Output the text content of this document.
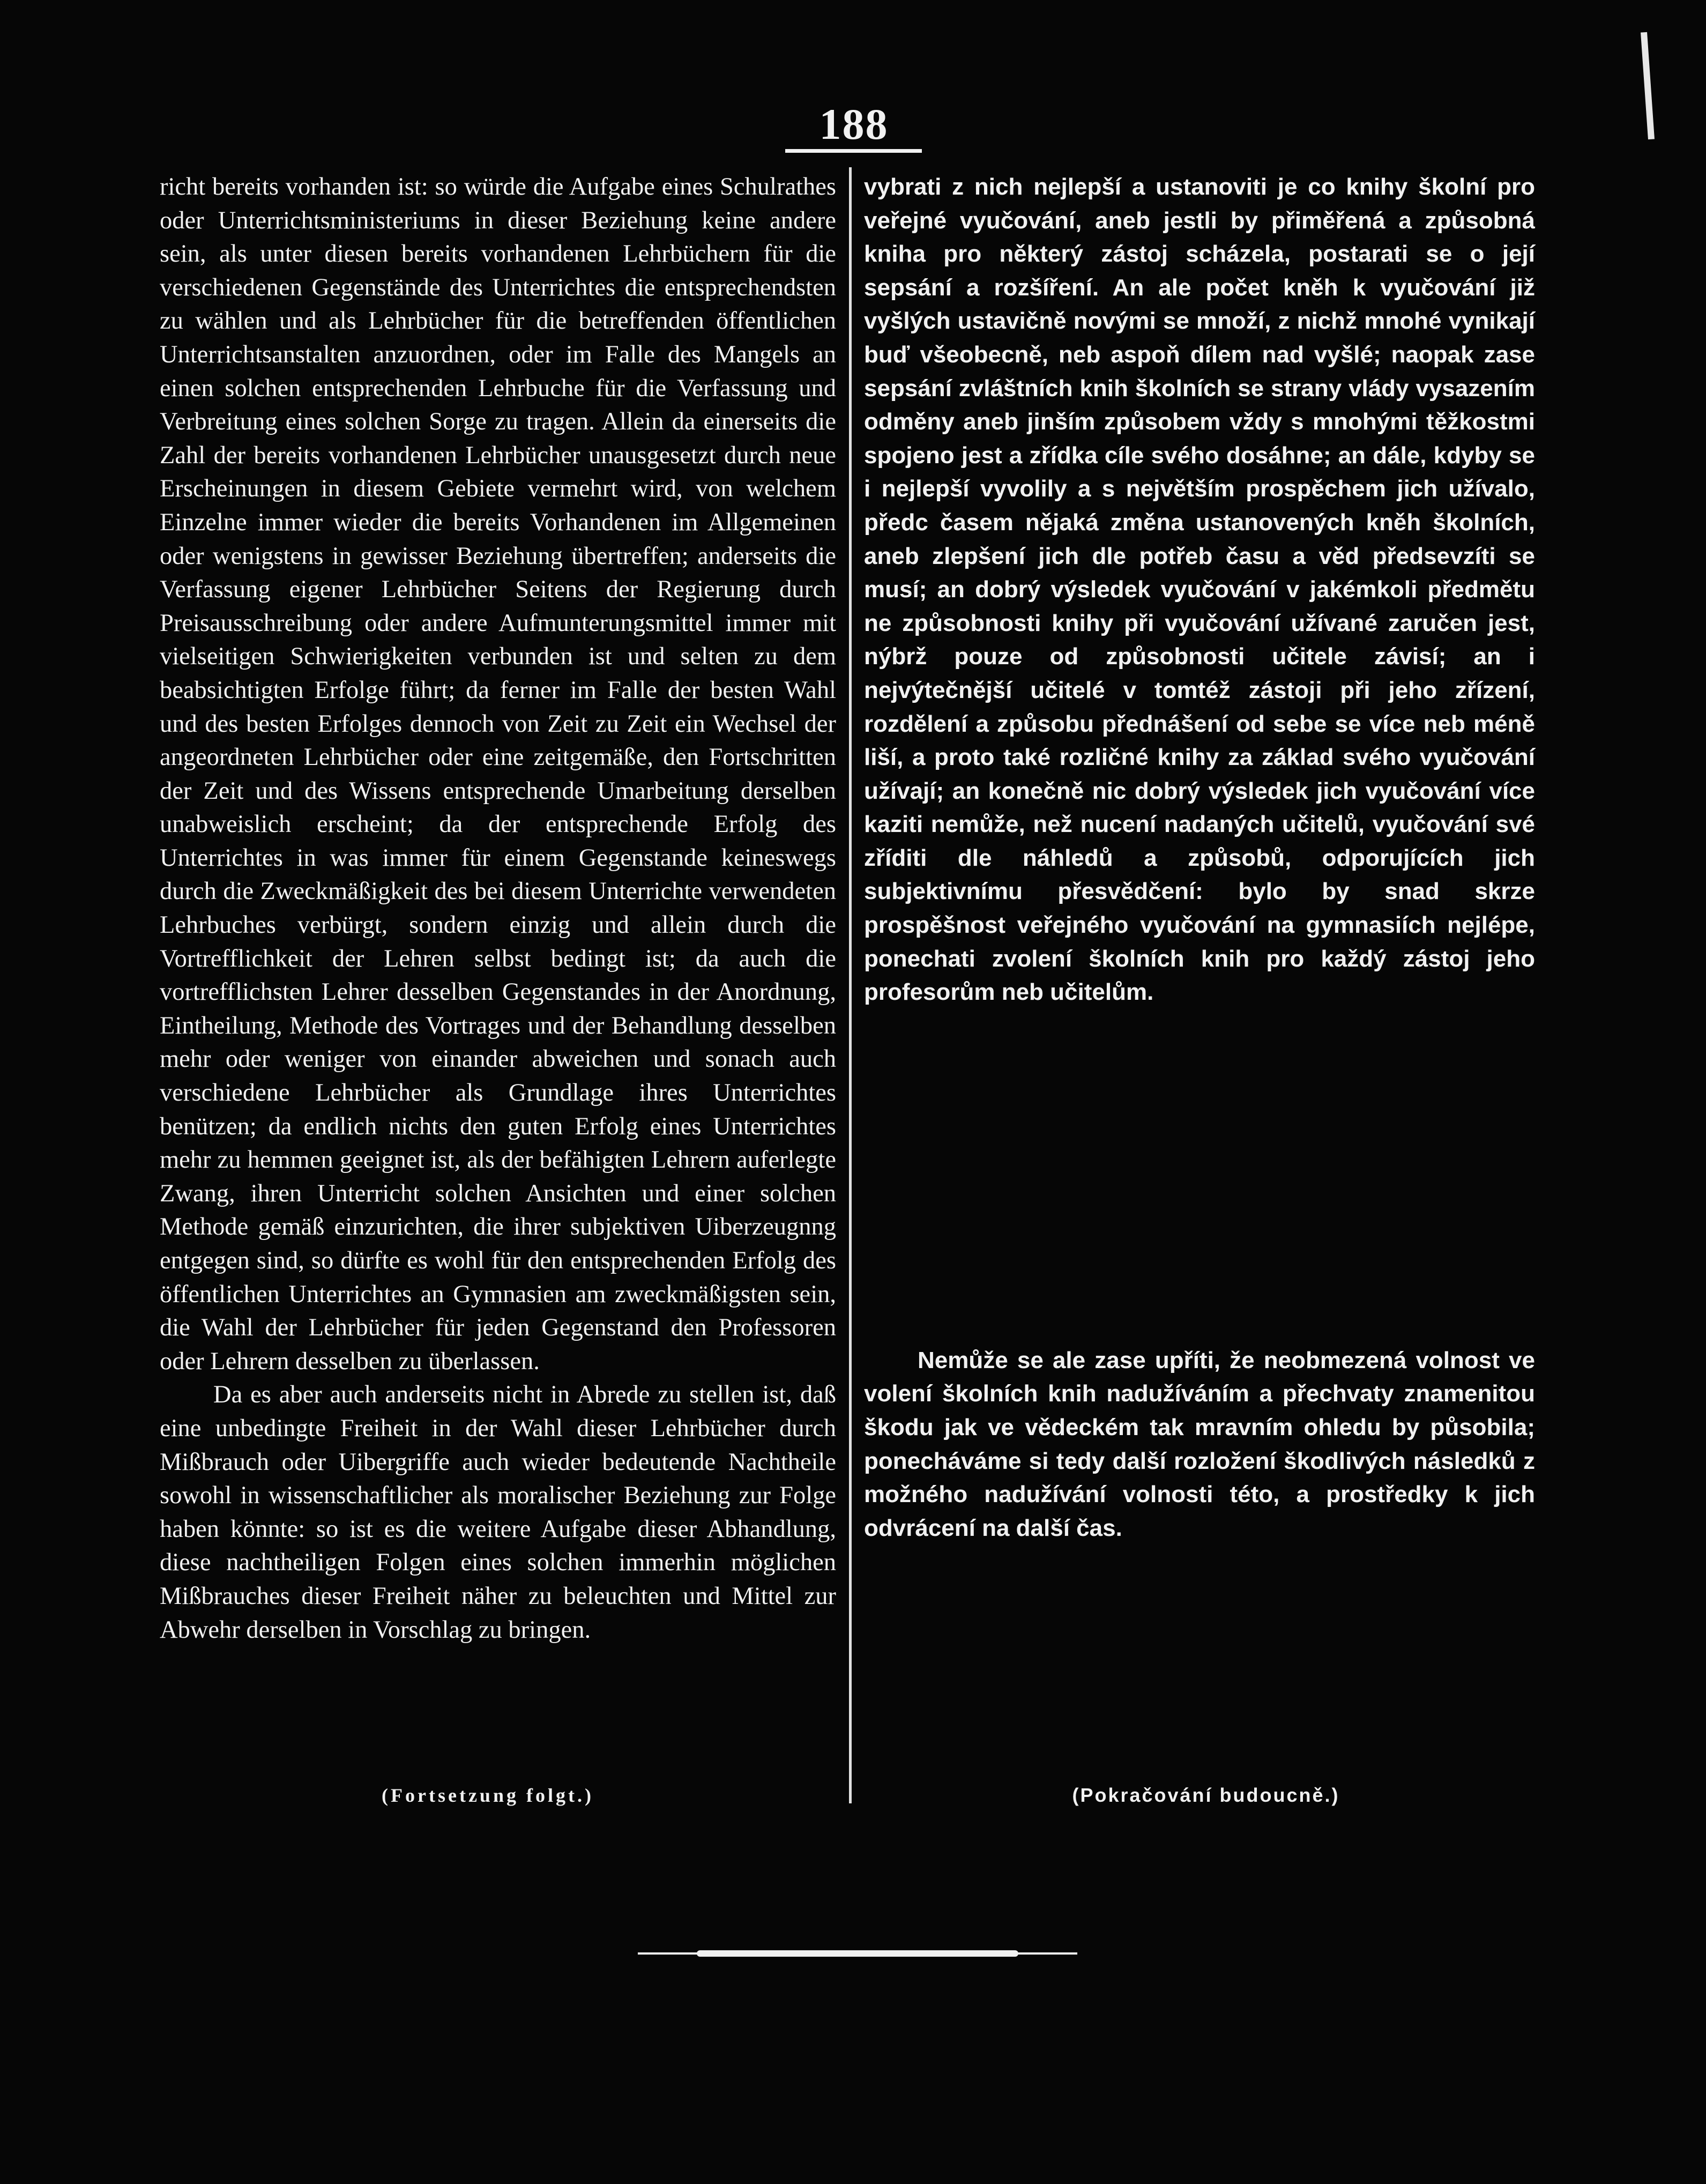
188

richt bereits vorhanden ist: so würde die Aufgabe eines Schulrathes oder Unterrichtsministeriums in dieser Beziehung keine andere sein, als unter diesen bereits vorhandenen Lehrbüchern für die verschiedenen Gegenstände des Unterrichtes die entsprechendsten zu wählen und als Lehrbücher für die betreffenden öffentlichen Unterrichtsanstalten anzuordnen, oder im Falle des Mangels an einen solchen entsprechenden Lehrbuche für die Verfassung und Verbreitung eines solchen Sorge zu tragen. Allein da einerseits die Zahl der bereits vorhandenen Lehrbücher unausgesetzt durch neue Erscheinungen in diesem Gebiete vermehrt wird, von welchem Einzelne immer wieder die bereits Vorhandenen im Allgemeinen oder wenigstens in gewisser Beziehung übertreffen; anderseits die Verfassung eigener Lehrbücher Seitens der Regierung durch Preisausschreibung oder andere Aufmunterungsmittel immer mit vielseitigen Schwierigkeiten verbunden ist und selten zu dem beabsichtigten Erfolge führt; da ferner im Falle der besten Wahl und des besten Erfolges dennoch von Zeit zu Zeit ein Wechsel der angeordneten Lehrbücher oder eine zeitgemäße, den Fortschritten der Zeit und des Wissens entsprechende Umarbeitung derselben unabweislich erscheint; da der entsprechende Erfolg des Unterrichtes in was immer für einem Gegenstande keineswegs durch die Zweckmäßigkeit des bei diesem Unterrichte verwendeten Lehrbuches verbürgt, sondern einzig und allein durch die Vortrefflichkeit der Lehren selbst bedingt ist; da auch die vortrefflichsten Lehrer desselben Gegenstandes in der Anordnung, Eintheilung, Methode des Vortrages und der Behandlung desselben mehr oder weniger von einander abweichen und sonach auch verschiedene Lehrbücher als Grundlage ihres Unterrichtes benützen; da endlich nichts den guten Erfolg eines Unterrichtes mehr zu hemmen geeignet ist, als der befähigten Lehrern auferlegte Zwang, ihren Unterricht solchen Ansichten und einer solchen Methode gemäß einzurichten, die ihrer subjektiven Uiberzeugnng entgegen sind, so dürfte es wohl für den entsprechenden Erfolg des öffentlichen Unterrichtes an Gymnasien am zweckmäßigsten sein, die Wahl der Lehrbücher für jeden Gegenstand den Professoren oder Lehrern desselben zu überlassen.

Da es aber auch anderseits nicht in Abrede zu stellen ist, daß eine unbedingte Freiheit in der Wahl dieser Lehrbücher durch Mißbrauch oder Uibergriffe auch wieder bedeutende Nachtheile sowohl in wissenschaftlicher als moralischer Beziehung zur Folge haben könnte: so ist es die weitere Aufgabe dieser Abhandlung, diese nachtheiligen Folgen eines solchen immerhin möglichen Mißbrauches dieser Freiheit näher zu beleuchten und Mittel zur Abwehr derselben in Vorschlag zu bringen.

vybrati z nich nejlepší a ustanoviti je co knihy školní pro veřejné vyučování, aneb jestli by přiměřená a způsobná kniha pro některý zástoj scházela, postarati se o její sepsání a rozšíření. An ale počet kněh k vyučování již vyšlých ustavičně novými se množí, z nichž mnohé vynikají buď všeobecně, neb aspoň dílem nad vyšlé; naopak zase sepsání zvláštních knih školních se strany vlády vysazením odměny aneb jinším způsobem vždy s mnohými těžkostmi spojeno jest a zřídka cíle svého dosáhne; an dále, kdyby se i nejlepší vyvolily a s největším prospěchem jich užívalo, předc časem nějaká změna ustanovených kněh školních, aneb zlepšení jich dle potřeb času a věd předsevzíti se musí; an dobrý výsledek vyučování v jakémkoli předmětu ne způsobnosti knihy při vyučování užívané zaručen jest, nýbrž pouze od způsobnosti učitele závisí; an i nejvýtečnější učitelé v tomtéž zástoji při jeho zřízení, rozdělení a způsobu přednášení od sebe se více neb méně liší, a proto také rozličné knihy za základ svého vyučování užívají; an konečně nic dobrý výsledek jich vyučování více kaziti nemůže, než nucení nadaných učitelů, vyučování své zříditi dle náhledů a způsobů, odporujících jich subjektivnímu přesvědčení: bylo by snad skrze prospěšnost veřejného vyučování na gymnasiích nejlépe, ponechati zvolení školních knih pro každý zástoj jeho profesorům neb učitelům.

Nemůže se ale zase upříti, že neobmezená volnost ve volení školních knih nadužíváním a přechvaty znamenitou škodu jak ve vědeckém tak mravním ohledu by působila; ponecháváme si tedy další rozložení škodlivých následků z možného nadužívání volnosti této, a prostředky k jich odvrácení na další čas.

(Fortsetzung folgt.)	(Pokračování budoucně.)
